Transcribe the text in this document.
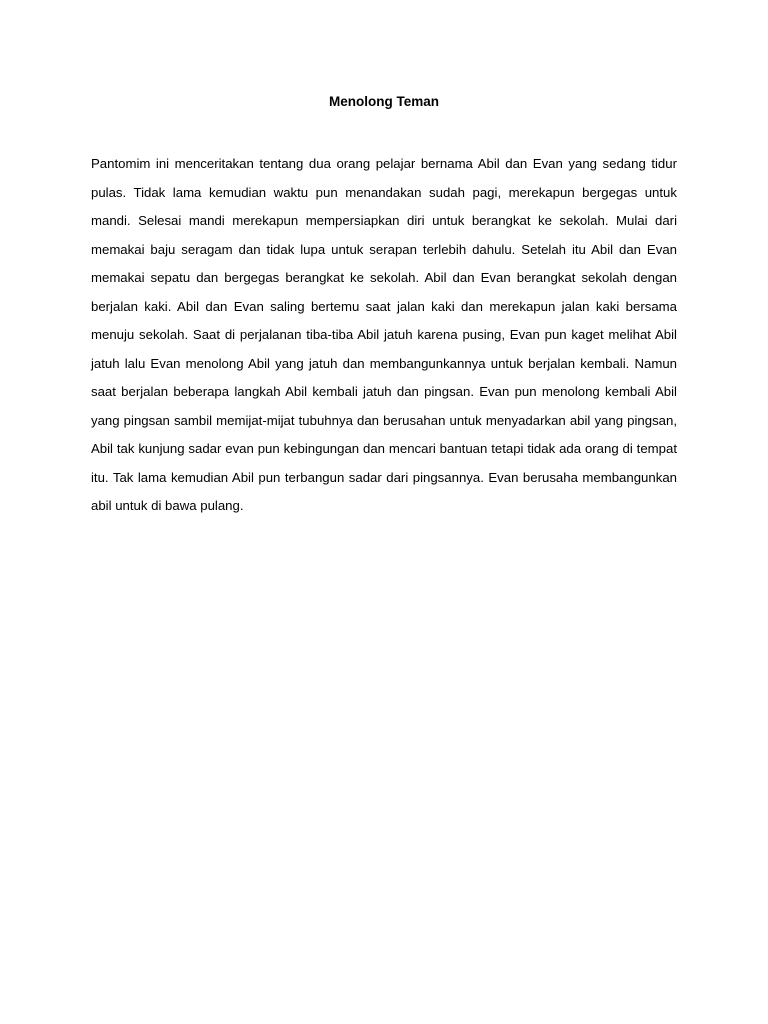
Menolong Teman

Pantomim ini menceritakan tentang dua orang pelajar bernama Abil dan Evan yang sedang tidur pulas. Tidak lama kemudian waktu pun menandakan sudah pagi, merekapun bergegas untuk mandi. Selesai mandi merekapun mempersiapkan diri untuk berangkat ke sekolah. Mulai dari memakai baju seragam dan tidak lupa untuk serapan terlebih dahulu. Setelah itu Abil dan Evan memakai sepatu dan bergegas berangkat ke sekolah. Abil dan Evan berangkat sekolah dengan berjalan kaki. Abil dan Evan saling bertemu saat jalan kaki dan merekapun jalan kaki bersama menuju sekolah. Saat di perjalanan tiba-tiba Abil jatuh karena pusing, Evan pun kaget melihat Abil jatuh lalu Evan menolong Abil yang jatuh dan membangunkannya untuk berjalan kembali. Namun saat berjalan beberapa langkah Abil kembali jatuh dan pingsan. Evan pun menolong kembali Abil yang pingsan sambil memijat-mijat tubuhnya dan berusahan untuk menyadarkan abil yang pingsan, Abil tak kunjung sadar evan pun kebingungan dan mencari bantuan tetapi tidak ada orang di tempat itu. Tak lama kemudian Abil pun terbangun sadar dari pingsannya. Evan berusaha membangunkan abil untuk di bawa pulang.
